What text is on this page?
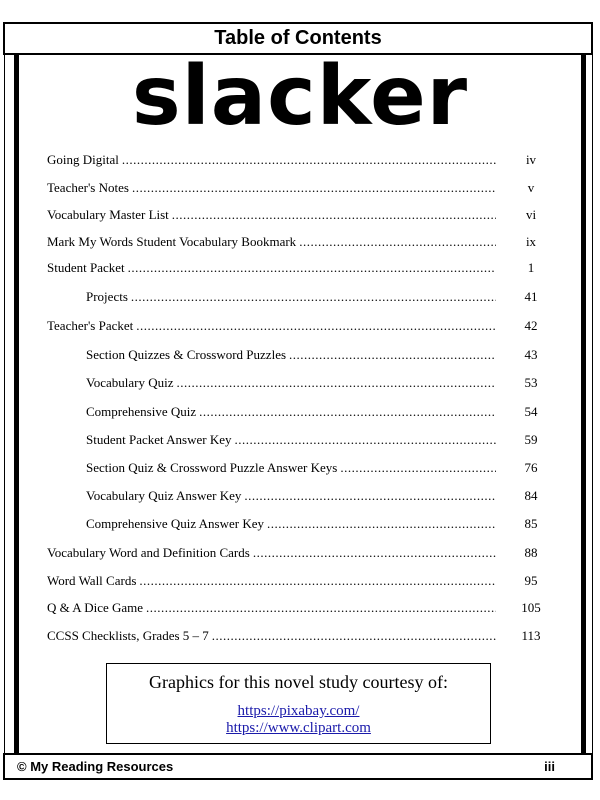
Table of Contents
slacker
Going Digital .....	iv
Teacher's Notes .....	v
Vocabulary Master List .....	vi
Mark My Words Student Vocabulary Bookmark .....	ix
Student Packet .....	1
Projects .....	41
Teacher's Packet .....	42
Section Quizzes & Crossword Puzzles .....	43
Vocabulary Quiz .....	53
Comprehensive Quiz .....	54
Student Packet Answer Key .....	59
Section Quiz & Crossword Puzzle Answer Keys .....	76
Vocabulary Quiz Answer Key .....	84
Comprehensive Quiz Answer Key .....	85
Vocabulary Word and Definition Cards .....	88
Word Wall Cards .....	95
Q & A Dice Game .....	105
CCSS Checklists, Grades 5 – 7 .....	113
Graphics for this novel study courtesy of:
https://pixabay.com/
https://www.clipart.com
© My Reading Resources	iii
